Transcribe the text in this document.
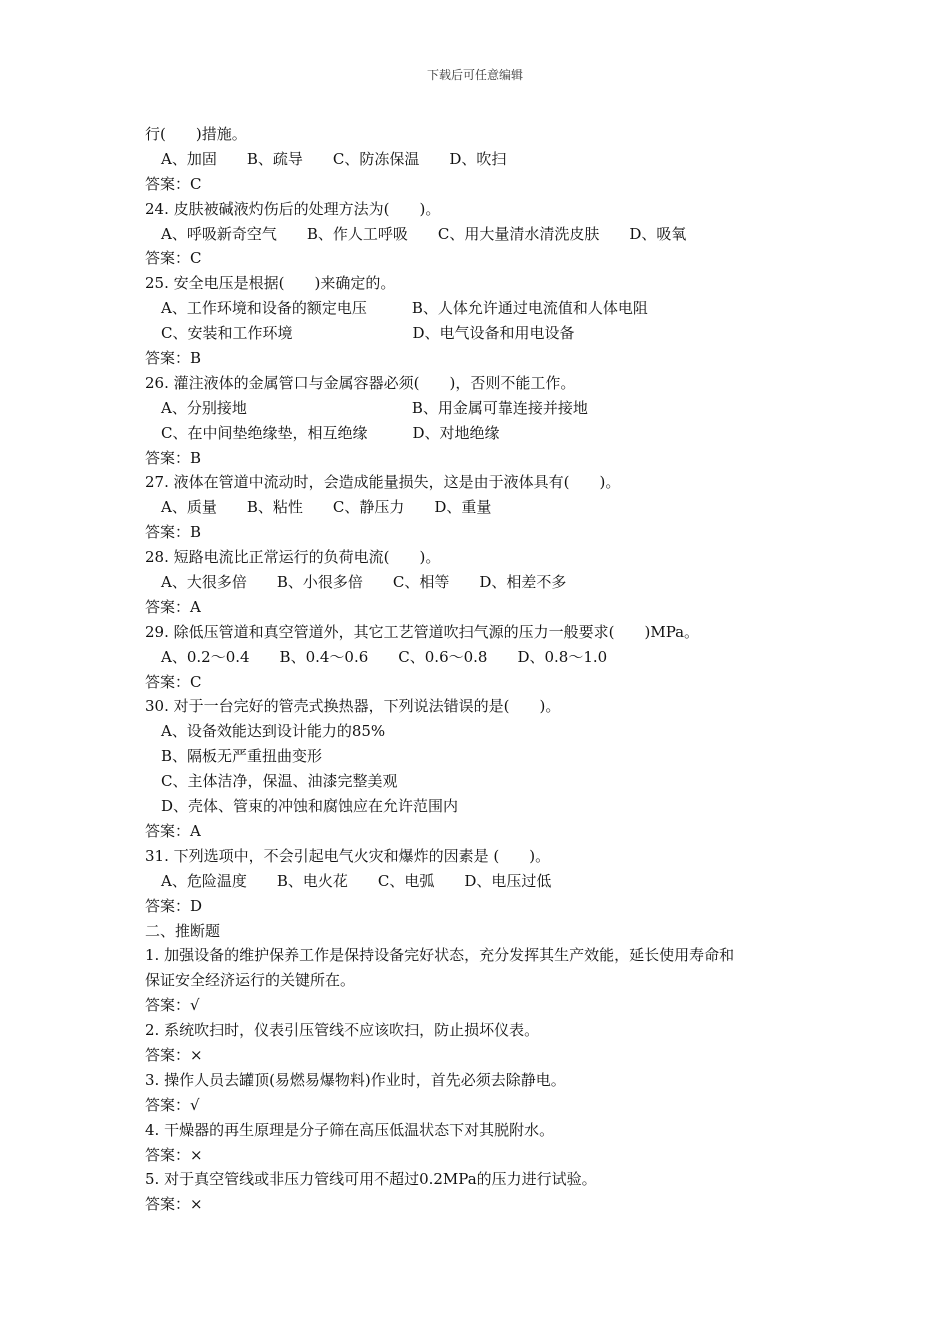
下载后可任意编辑
行(　　)措施。
A、加固　　B、疏导　　C、防冻保温　　D、吹扫
答案：C
24. 皮肤被碱液灼伤后的处理方法为(　　)。
A、呼吸新奇空气　　B、作人工呼吸　　C、用大量清水清洗皮肤　　D、吸氧
答案：C
25. 安全电压是根据(　　)来确定的。
A、工作环境和设备的额定电压　　　B、人体允许通过电流值和人体电阻
C、安装和工作环境　　　　　　　　D、电气设备和用电设备
答案：B
26. 灌注液体的金属管口与金属容器必须(　　)，否则不能工作。
A、分别接地　　　　　　　　　　　B、用金属可靠连接并接地
C、在中间垫绝缘垫，相互绝缘　　　D、对地绝缘
答案：B
27. 液体在管道中流动时，会造成能量损失，这是由于液体具有(　　)。
A、质量　　B、粘性　　C、静压力　　D、重量
答案：B
28. 短路电流比正常运行的负荷电流(　　)。
A、大很多倍　　B、小很多倍　　C、相等　　D、相差不多
答案：A
29. 除低压管道和真空管道外，其它工艺管道吹扫气源的压力一般要求(　　)MPa。
A、0.2～0.4　　B、0.4～0.6　　C、0.6～0.8　　D、0.8～1.0
答案：C
30. 对于一台完好的管壳式换热器，下列说法错误的是(　　)。
A、设备效能达到设计能力的85%
B、隔板无严重扭曲变形
C、主体洁净，保温、油漆完整美观
D、壳体、管束的冲蚀和腐蚀应在允许范围内
答案：A
31. 下列选项中，不会引起电气火灾和爆炸的因素是 (　　)。
A、危险温度　　B、电火花　　C、电弧　　D、电压过低
答案：D
二、推断题
1. 加强设备的维护保养工作是保持设备完好状态，充分发挥其生产效能，延长使用寿命和
保证安全经济运行的关键所在。
答案：√
2. 系统吹扫时，仪表引压管线不应该吹扫，防止损坏仪表。
答案：×
3. 操作人员去罐顶(易燃易爆物料)作业时，首先必须去除静电。
答案：√
4. 干燥器的再生原理是分子筛在高压低温状态下对其脱附水。
答案：×
5. 对于真空管线或非压力管线可用不超过0.2MPa的压力进行试验。
答案：×
